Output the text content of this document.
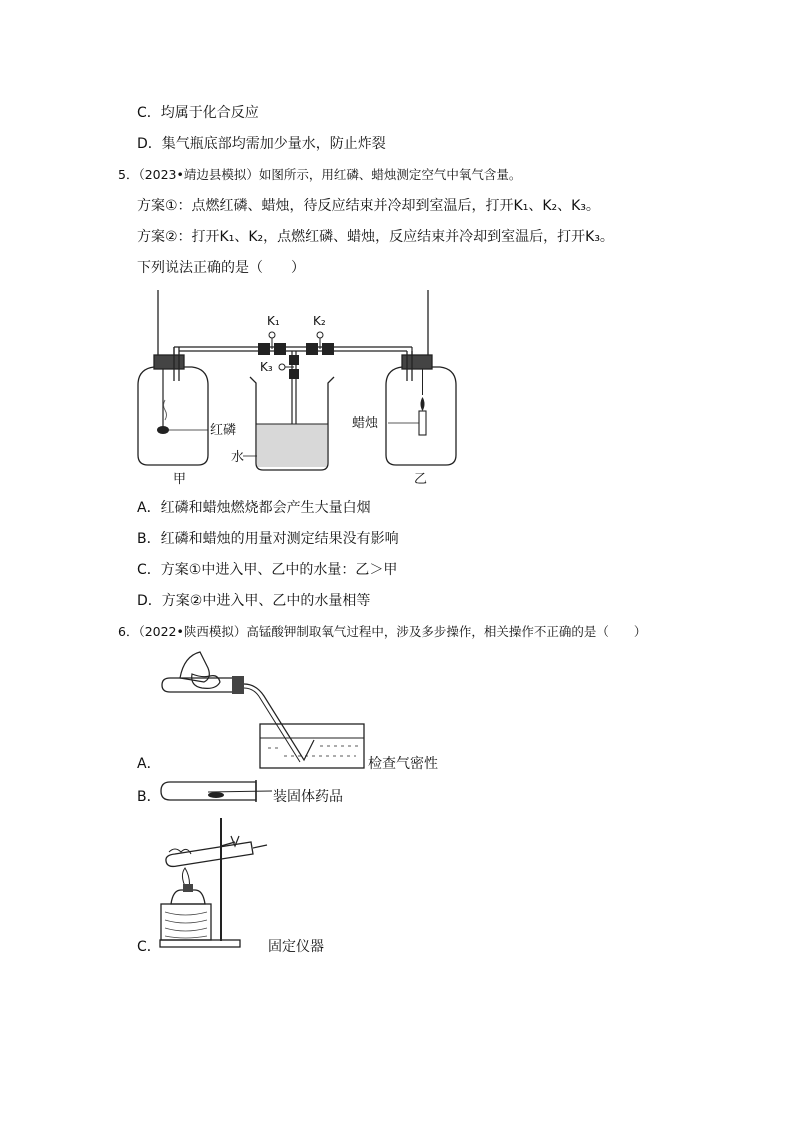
C．均属于化合反应
D．集气瓶底部均需加少量水，防止炸裂
5．（2023•靖边县模拟）如图所示，用红磷、蜡烛测定空气中氧气含量。
方案①：点燃红磷、蜡烛，待反应结束并冷却到室温后，打开K₁、K₂、K₃。
方案②：打开K₁、K₂，点燃红磷、蜡烛，反应结束并冷却到室温后，打开K₃。
下列说法正确的是（　　）
红磷
甲
K₁	K₂
K₃
水
蜡烛
乙
A．红磷和蜡烛燃烧都会产生大量白烟
B．红磷和蜡烛的用量对测定结果没有影响
C．方案①中进入甲、乙中的水量：乙＞甲
D．方案②中进入甲、乙中的水量相等
6．（2022•陕西模拟）高锰酸钾制取氧气过程中，涉及多步操作，相关操作不正确的是（　　）
A．	检查气密性
B．	装固体药品
C．	固定仪器
